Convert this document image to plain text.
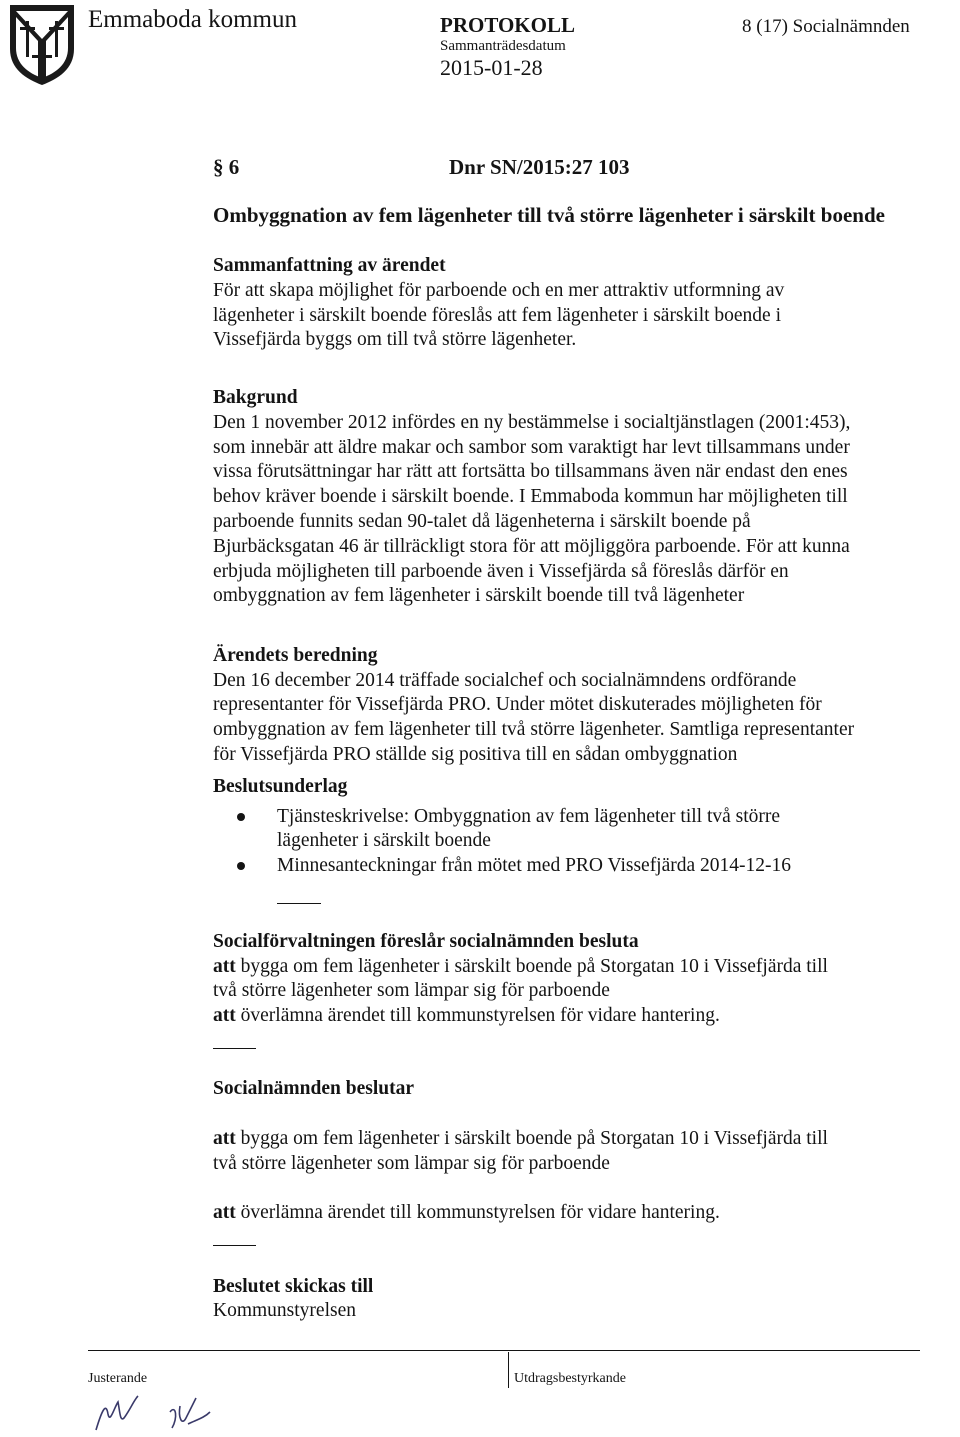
Emmaboda kommun	PROTOKOLL
Sammanträdesdatum
2015-01-28
8 (17) Socialnämnden
§ 6	Dnr SN/2015:27 103
Ombyggnation av fem lägenheter till två större lägenheter i särskilt boende
Sammanfattning av ärendet
För att skapa möjlighet för parboende och en mer attraktiv utformning av
lägenheter i särskilt boende föreslås att fem lägenheter i särskilt boende i
Vissefjärda byggs om till två större lägenheter.
Bakgrund
Den 1 november 2012 infördes en ny bestämmelse i socialtjänstlagen (2001:453),
som innebär att äldre makar och sambor som varaktigt har levt tillsammans under
vissa förutsättningar har rätt att fortsätta bo tillsammans även när endast den enes
behov kräver boende i särskilt boende. I Emmaboda kommun har möjligheten till
parboende funnits sedan 90-talet då lägenheterna i särskilt boende på
Bjurbäcksgatan 46 är tillräckligt stora för att möjliggöra parboende. För att kunna
erbjuda möjligheten till parboende även i Vissefjärda så föreslås därför en
ombyggnation av fem lägenheter i särskilt boende till två lägenheter
Ärendets beredning
Den 16 december 2014 träffade socialchef och socialnämndens ordförande
representanter för Vissefjärda PRO. Under mötet diskuterades möjligheten för
ombyggnation av fem lägenheter till två större lägenheter. Samtliga representanter
för Vissefjärda PRO ställde sig positiva till en sådan ombyggnation
Beslutsunderlag
Tjänsteskrivelse: Ombyggnation av fem lägenheter till två större
lägenheter i särskilt boende
Minnesanteckningar från mötet med PRO Vissefjärda 2014-12-16
Socialförvaltningen föreslår socialnämnden besluta
att bygga om fem lägenheter i särskilt boende på Storgatan 10 i Vissefjärda till
två större lägenheter som lämpar sig för parboende
att överlämna ärendet till kommunstyrelsen för vidare hantering.
Socialnämnden beslutar
att bygga om fem lägenheter i särskilt boende på Storgatan 10 i Vissefjärda till
två större lägenheter som lämpar sig för parboende
att överlämna ärendet till kommunstyrelsen för vidare hantering.
Beslutet skickas till
Kommunstyrelsen
Justerande	Utdragsbestyrkande
